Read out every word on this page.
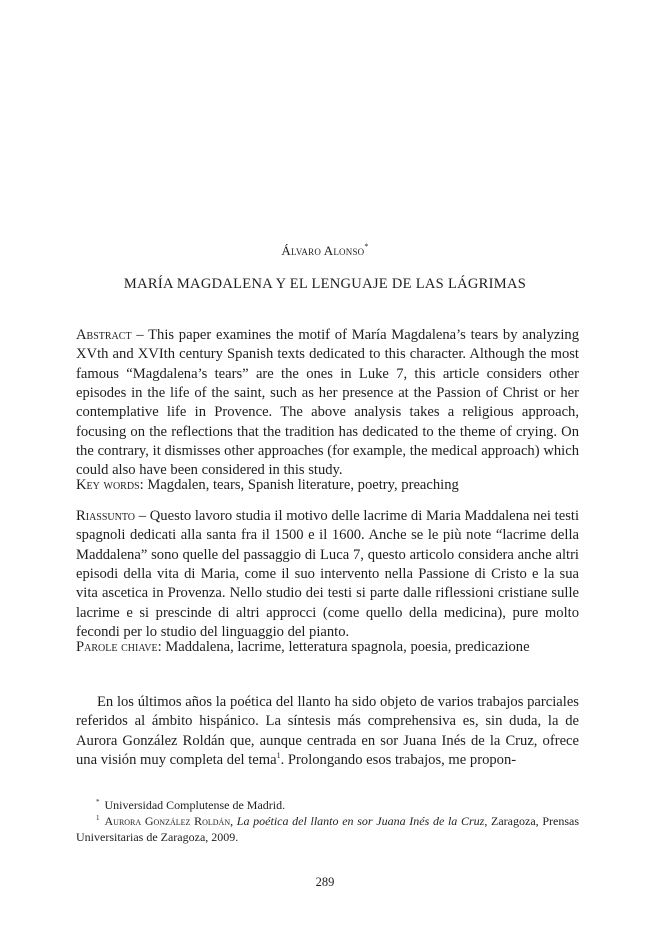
Álvaro Alonso*
MARÍA MAGDALENA Y EL LENGUAJE DE LAS LÁGRIMAS

Abstract – This paper examines the motif of María Magdalena’s tears by analyzing XVth and XVIth century Spanish texts dedicated to this character. Although the most famous “Magdalena’s tears” are the ones in Luke 7, this article considers other episodes in the life of the saint, such as her presence at the Passion of Christ or her contemplative life in Provence. The above analysis takes a religious approach, focusing on the reflections that the tradition has dedicated to the theme of crying. On the contrary, it dismisses other approaches (for example, the medical approach) which could also have been considered in this study.

Key words: Magdalen, tears, Spanish literature, poetry, preaching

Riassunto – Questo lavoro studia il motivo delle lacrime di Maria Maddalena nei testi spagnoli dedicati alla santa fra il 1500 e il 1600. Anche se le più note “lacrime della Maddalena” sono quelle del passaggio di Luca 7, questo articolo considera anche altri episodi della vita di Maria, come il suo intervento nella Passione di Cristo e la sua vita ascetica in Provenza. Nello studio dei testi si parte dalle riflessioni cristiane sulle lacrime e si prescinde di altri approcci (come quello della medicina), pure molto fecondi per lo studio del linguaggio del pianto.

Parole chiave: Maddalena, lacrime, letteratura spagnola, poesia, predicazione

En los últimos años la poética del llanto ha sido objeto de varios trabajos parciales referidos al ámbito hispánico. La síntesis más comprehensiva es, sin duda, la de Aurora González Roldán que, aunque centrada en sor Juana Inés de la Cruz, ofrece una visión muy completa del tema$^1$. Prolongando esos trabajos, me propon-

* Universidad Complutense de Madrid.
$^1$ Aurora González Roldán, La poética del llanto en sor Juana Inés de la Cruz, Zaragoza, Prensas Universitarias de Zaragoza, 2009.
289
